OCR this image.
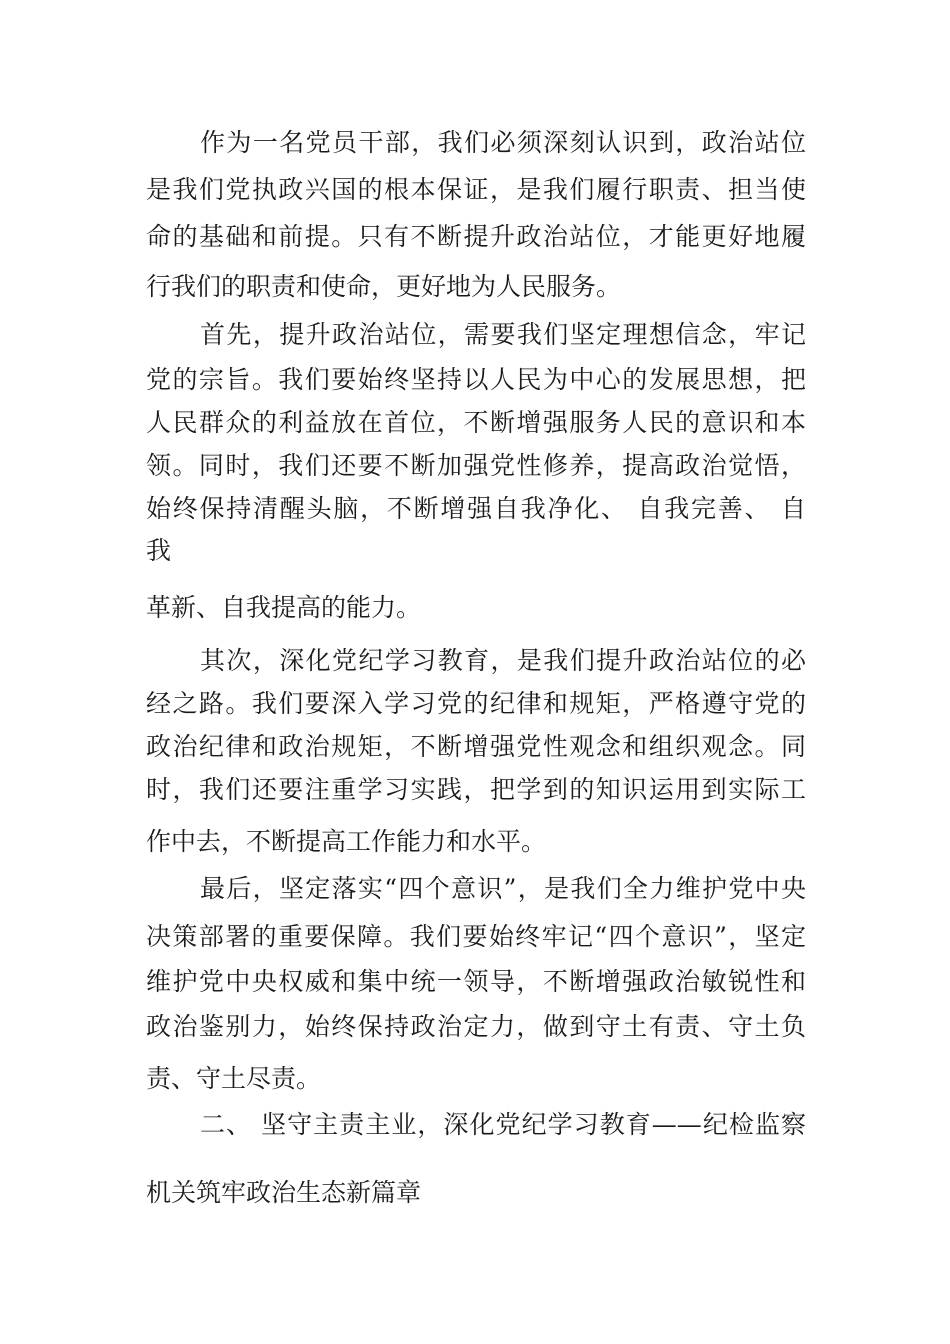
作为一名党员干部，我们必须深刻认识到，政治站位
是我们党执政兴国的根本保证，是我们履行职责、担当使
命的基础和前提。只有不断提升政治站位，才能更好地履
行我们的职责和使命，更好地为人民服务。
首先，提升政治站位，需要我们坚定理想信念，牢记
党的宗旨。我们要始终坚持以人民为中心的发展思想，把
人民群众的利益放在首位，不断增强服务人民的意识和本
领。同时，我们还要不断加强党性修养，提高政治觉悟，
始终保持清醒头脑，不断增强自我净化、 自我完善、 自
我
革新、自我提高的能力。
其次，深化党纪学习教育，是我们提升政治站位的必
经之路。我们要深入学习党的纪律和规矩，严格遵守党的
政治纪律和政治规矩，不断增强党性观念和组织观念。同
时，我们还要注重学习实践，把学到的知识运用到实际工
作中去，不断提高工作能力和水平。
最后，坚定落实“四个意识”，是我们全力维护党中央
决策部署的重要保障。我们要始终牢记“四个意识”，坚定
维护党中央权威和集中统一领导，不断增强政治敏锐性和
政治鉴别力，始终保持政治定力，做到守土有责、守土负
责、守土尽责。
二、 坚守主责主业，深化党纪学习教育——纪检监察
机关筑牢政治生态新篇章
